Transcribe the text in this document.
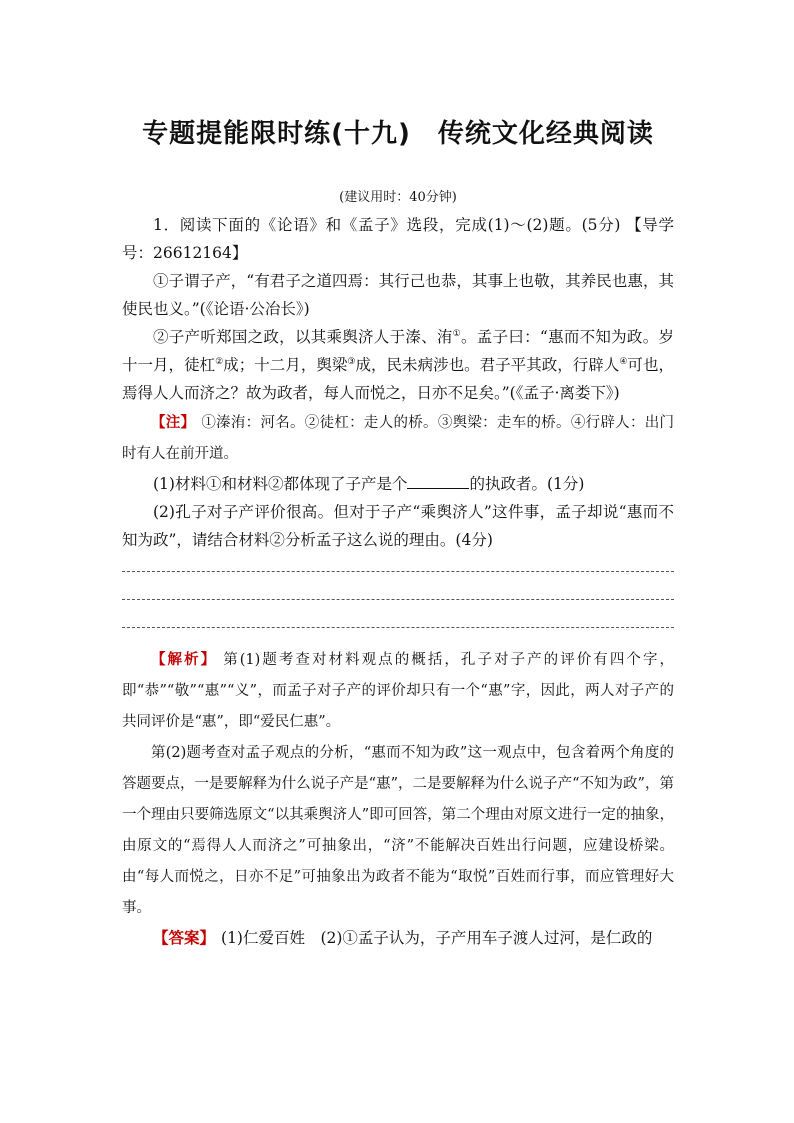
专题提能限时练(十九)　传统文化经典阅读
(建议用时：40分钟)

1．阅读下面的《论语》和《孟子》选段，完成(1)～(2)题。(5分) 【导学号：26612164】

①子谓子产，“有君子之道四焉：其行己也恭，其事上也敬，其养民也惠，其使民也义。”(《论语·公冶长》)

②子产听郑国之政，以其乘舆济人于溱、洧①。孟子曰：“惠而不知为政。岁十一月，徒杠②成；十二月，舆梁③成，民未病涉也。君子平其政，行辟人④可也，焉得人人而济之？故为政者，每人而悦之，日亦不足矣。”(《孟子·离娄下》)

【注】 ①溱洧：河名。②徒杠：走人的桥。③舆梁：走车的桥。④行辟人：出门时有人在前开道。

(1)材料①和材料②都体现了子产是个	的执政者。(1分)

(2)孔子对子产评价很高。但对于子产“乘舆济人”这件事，孟子却说“惠而不知为政”，请结合材料②分析孟子这么说的理由。(4分)

【解析】 第(1)题考查对材料观点的概括，孔子对子产的评价有四个字，即“恭”“敬”“惠”“义”，而孟子对子产的评价却只有一个“惠”字，因此，两人对子产的共同评价是“惠”，即“爱民仁惠”。

第(2)题考查对孟子观点的分析，“惠而不知为政”这一观点中，包含着两个角度的答题要点，一是要解释为什么说子产是“惠”，二是要解释为什么说子产“不知为政”，第一个理由只要筛选原文“以其乘舆济人”即可回答，第二个理由对原文进行一定的抽象，由原文的“焉得人人而济之”可抽象出，“济”不能解决百姓出行问题，应建设桥梁。由“每人而悦之，日亦不足”可抽象出为政者不能为“取悦”百姓而行事，而应管理好大事。

【答案】 (1)仁爱百姓　(2)①孟子认为，子产用车子渡人过河，是仁政的
